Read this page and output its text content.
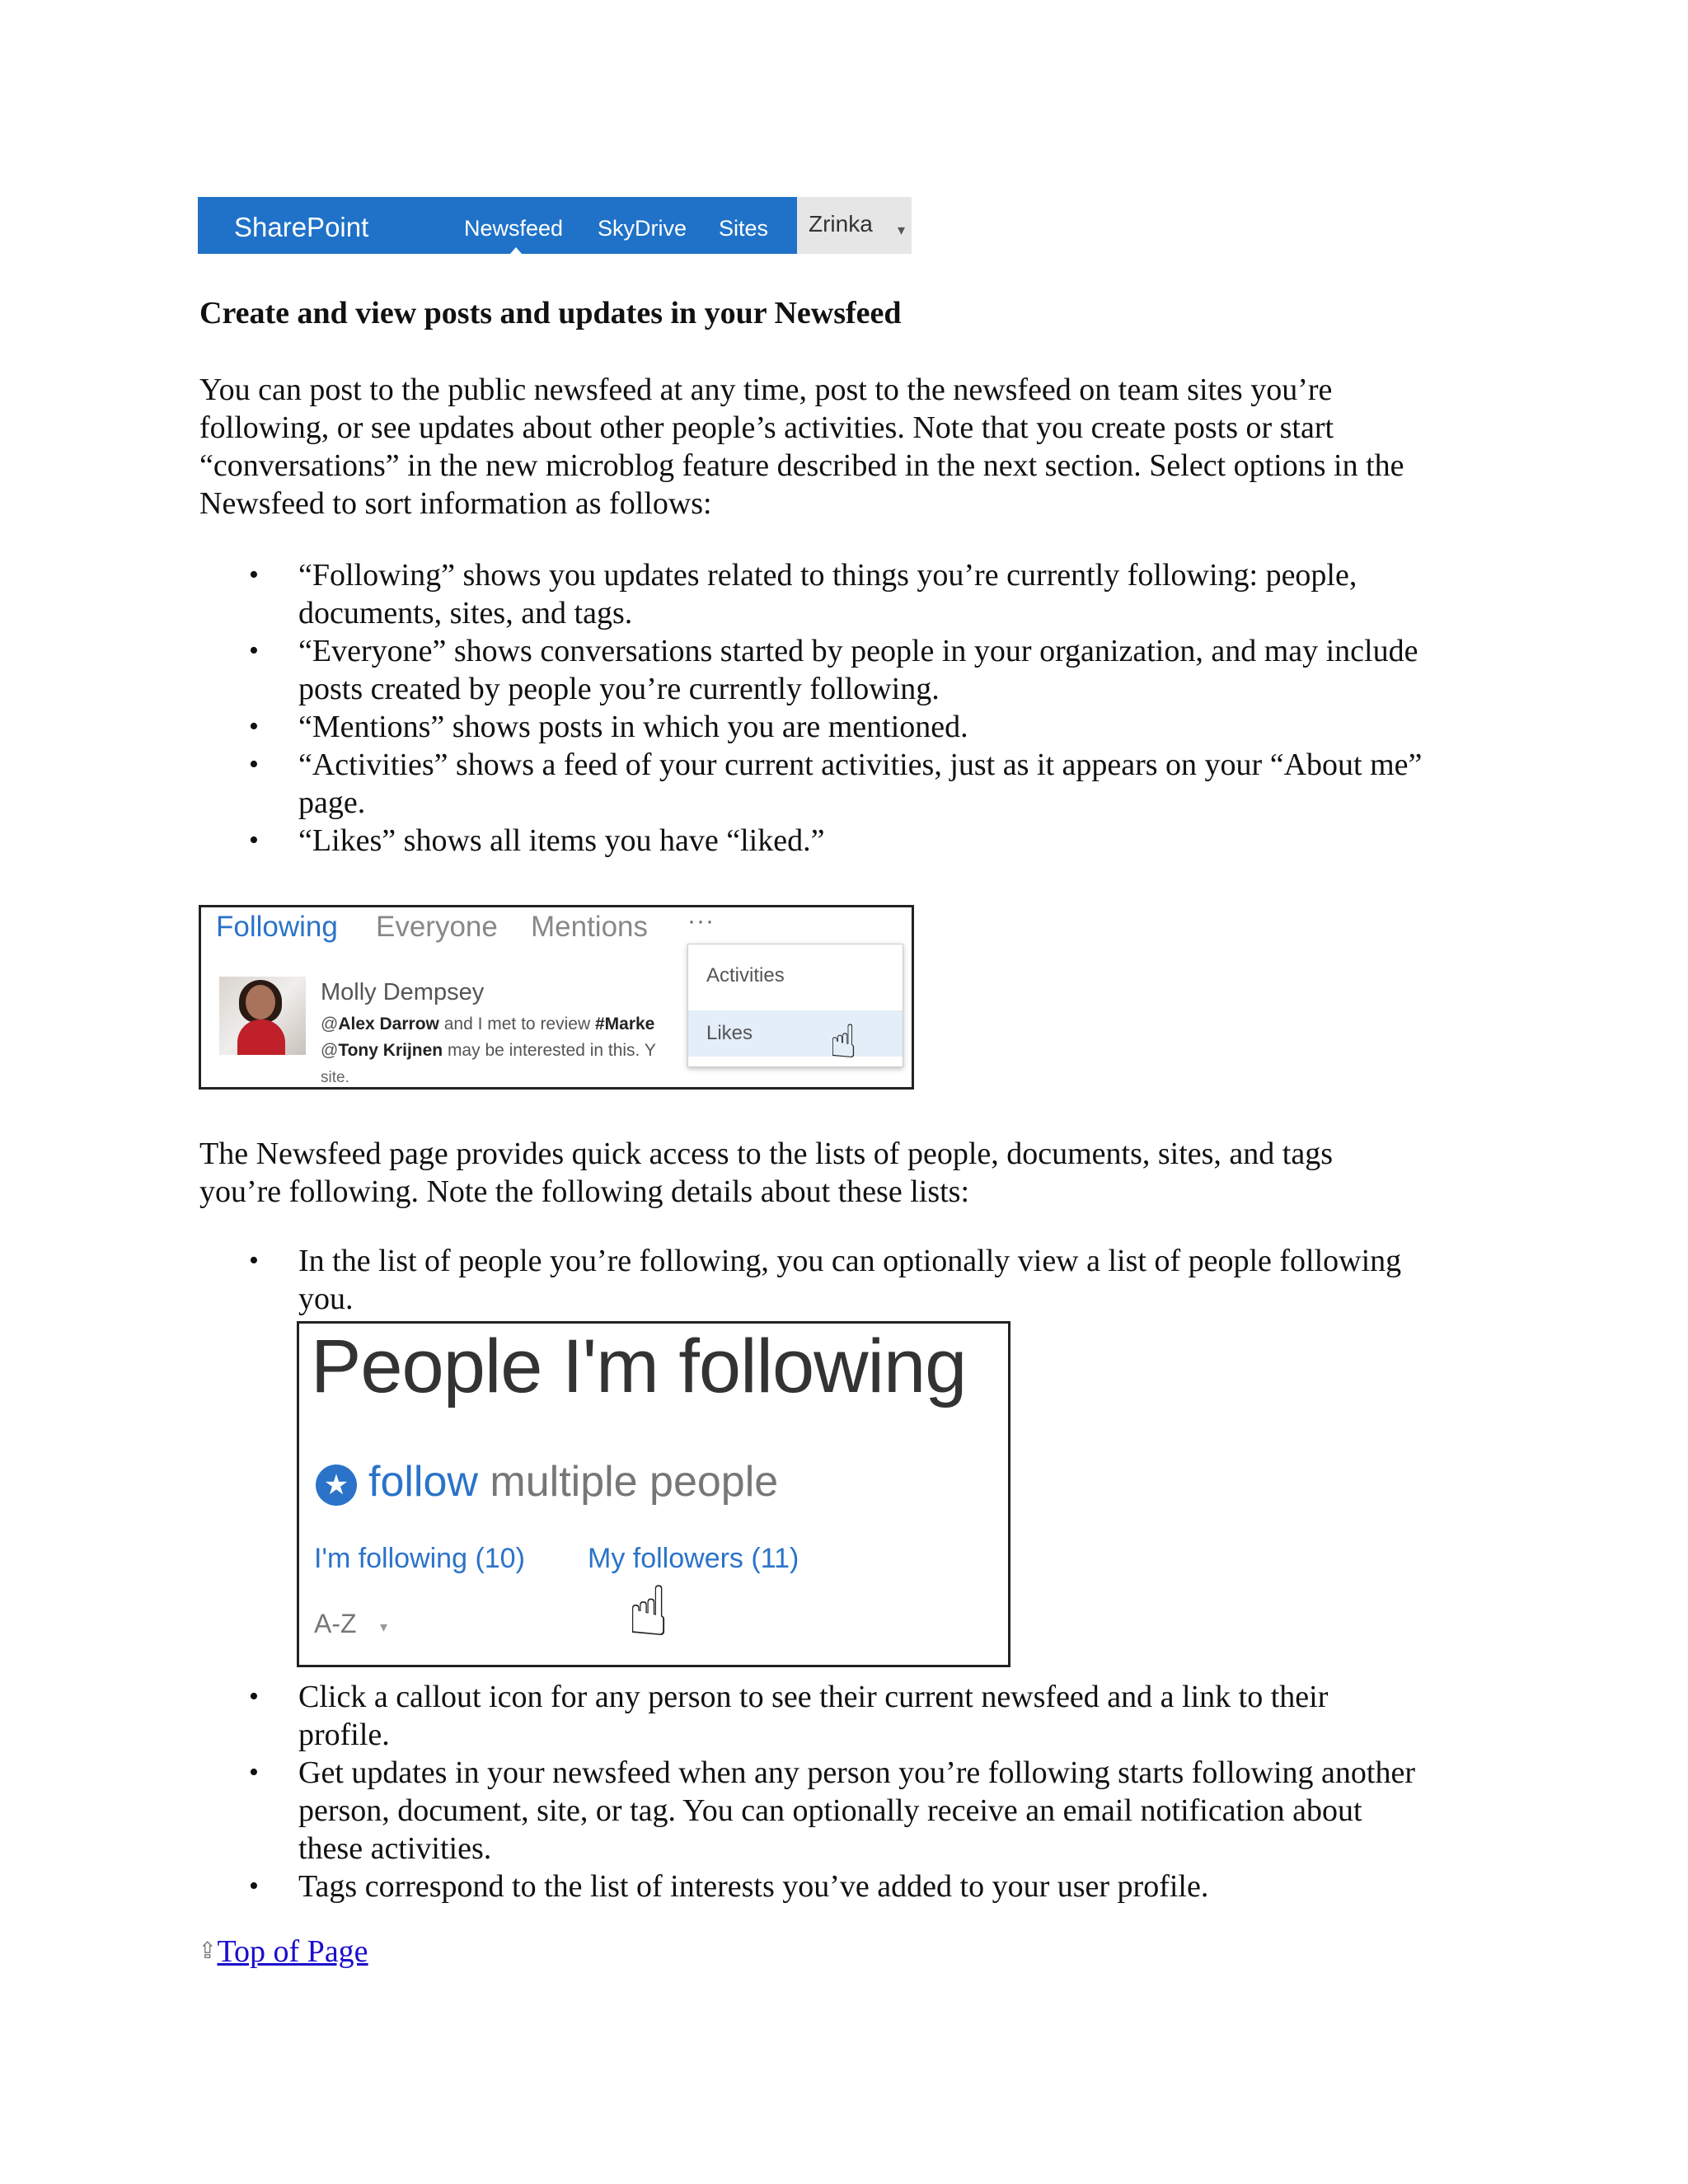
SharePoint	Newsfeed SkyDrive Sites Zrinka ▾
Create and view posts and updates in your Newsfeed
You can post to the public newsfeed at any time, post to the newsfeed on team sites you’re
following, or see updates about other people’s activities. Note that you create posts or start
“conversations” in the new microblog feature described in the next section. Select options in the
Newsfeed to sort information as follows:
• “Following” shows you updates related to things you’re currently following: people,
documents, sites, and tags.
• “Everyone” shows conversations started by people in your organization, and may include
posts created by people you’re currently following.
• “Mentions” shows posts in which you are mentioned.
• “Activities” shows a feed of your current activities, just as it appears on your “About me”
page.
• “Likes” shows all items you have “liked.”
Following Everyone Mentions ···
Molly Dempsey
@Alex Darrow and I met to review #Marke
@Tony Krijnen may be interested in this. Y
site.
Activities
Likes ☝
The Newsfeed page provides quick access to the lists of people, documents, sites, and tags
you’re following. Note the following details about these lists:
• In the list of people you’re following, you can optionally view a list of people following
you.
People I'm following
★ follow multiple people
I'm following (10) My followers (11)
A-Z ▾	☝
• Click a callout icon for any person to see their current newsfeed and a link to their
profile.
• Get updates in your newsfeed when any person you’re following starts following another
person, document, site, or tag. You can optionally receive an email notification about
these activities.
• Tags correspond to the list of interests you’ve added to your user profile.
⇪Top of Page
